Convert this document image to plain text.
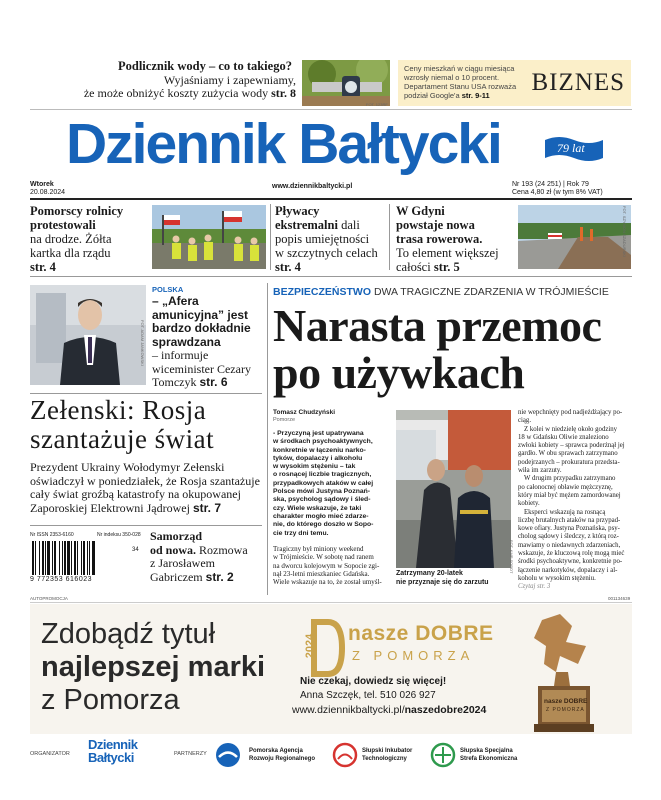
Podlicznik wody – co to takiego?
Wyjaśniamy i zapewniamy,
że może obniżyć koszty zużycia wody str. 8
FOT. 123RF
Ceny mieszkań w ciągu miesiąca
wzrosły niemal o 10 procent.
Departament Stanu USA rozważa
podział Google'a str. 9-11	BIZNES
Dziennik Bałtycki	79 lat
Wtorek
20.08.2024
www.dziennikbaltycki.pl	Nr 193 (24 251) | Rok 79
Cena 4,80 zł (w tym 8% VAT)
Pomorscy rolnicy
protestowali
na drodze. Żółta
kartka dla rządu
str. 4
Pływacy
ekstremalni dali
popis umiejętności
w szczytnych celach
str. 4
W Gdyni
powstaje nowa
trasa rowerowa.
To element większej
całości str. 5
FOT. SZYMON SZADURSKI
FOT. ADAM JANKOWSKI
POLSKA
– „Afera
amunicyjna” jest
bardzo dokładnie
sprawdzana
– informuje
wiceminister Cezary
Tomczyk str. 6
Zełenski: Rosja
szantażuje świat
Prezydent Ukrainy Wołodymyr Zełenski
oświadczył w poniedziałek, że Rosja szantażuje
cały świat groźbą katastrofy na okupowanej
Zaporoskiej Elektrowni Jądrowej str. 7
Nr ISSN 2353-6160	Nr indeksu 350-028
9 772353 616023
34
Samorząd
od nowa. Rozmowa
z Jarosławem
Gabriczem str. 2
BEZPIECZEŃSTWO DWA TRAGICZNE ZDARZENIA W TRÓJMIEŚCIE
Narasta przemoc
po używkach
Tomasz Chudzyński
Pomorze
- Przyczyną jest upatrywana
w środkach psychoaktywnych,
konkretnie w łączeniu narko-
tyków, dopalaczy i alkoholu
w wysokim stężeniu – tak
o rosnącej liczbie tragicznych,
przypadkowych ataków w całej
Polsce mówi Justyna Poznań-
ska, psycholog sądowy i śled-
czy. Wiele wskazuje, że taki
charakter mogło mieć zdarze-
nie, do którego doszło w Sopo-
cie trzy dni temu.
Tragiczny był miniony weekend
w Trójmieście. W sobotę nad ranem
na dworcu kolejowym w Sopocie zgi-
nął 23-letni mieszkaniec Gdańska.
Wiele wskazuje na to, że został umyśl-
FOT. KMP SOPOT
Zatrzymany 20-latek
nie przyznaje się do zarzutu
nie wepchnięty pod nadjeżdżający po-
ciąg.
Z kolei w niedzielę około godziny
18 w Gdańsku Oliwie znaleziono
zwłoki kobiety – sprawca poderżnął jej
gardło. W obu sprawach zatrzymano
podejrzanych – prokuratura przedsta-
wiła im zarzuty.
W drugim przypadku zatrzymano
po całonocnej obławie mężczyznę,
który miał być mężem zamordowanej
kobiety.
Eksperci wskazują na rosnącą
liczbę brutalnych ataków na przypad-
kowe ofiary. Justyna Poznańska, psy-
cholog sądowy i śledczy, z którą roz-
mawiamy o niedawnych zdarzeniach,
wskazuje, że kluczową rolę mogą mieć
środki psychoaktywne, konkretnie po-
łączenie narkotyków, dopalaczy i al-
koholu w wysokim stężeniu.
Czytaj str. 3
AUTOPROMOCJA	001134639
Zdobądź tytuł
najlepszej marki
z Pomorza
2024
nasze DOBRE
Z POMORZA
Nie czekaj, dowiedz się więcej!
Anna Szczęk, tel. 510 026 927
www.dziennikbaltycki.pl/naszedobre2024
nasze DOBRE
Z POMORZA
ORGANIZATOR
Dziennik
Bałtycki	PARTNERZY	Pomorska Agencja
Rozwoju Regionalnego
Słupski Inkubator
Technologiczny
Słupska Specjalna
Strefa Ekonomiczna
